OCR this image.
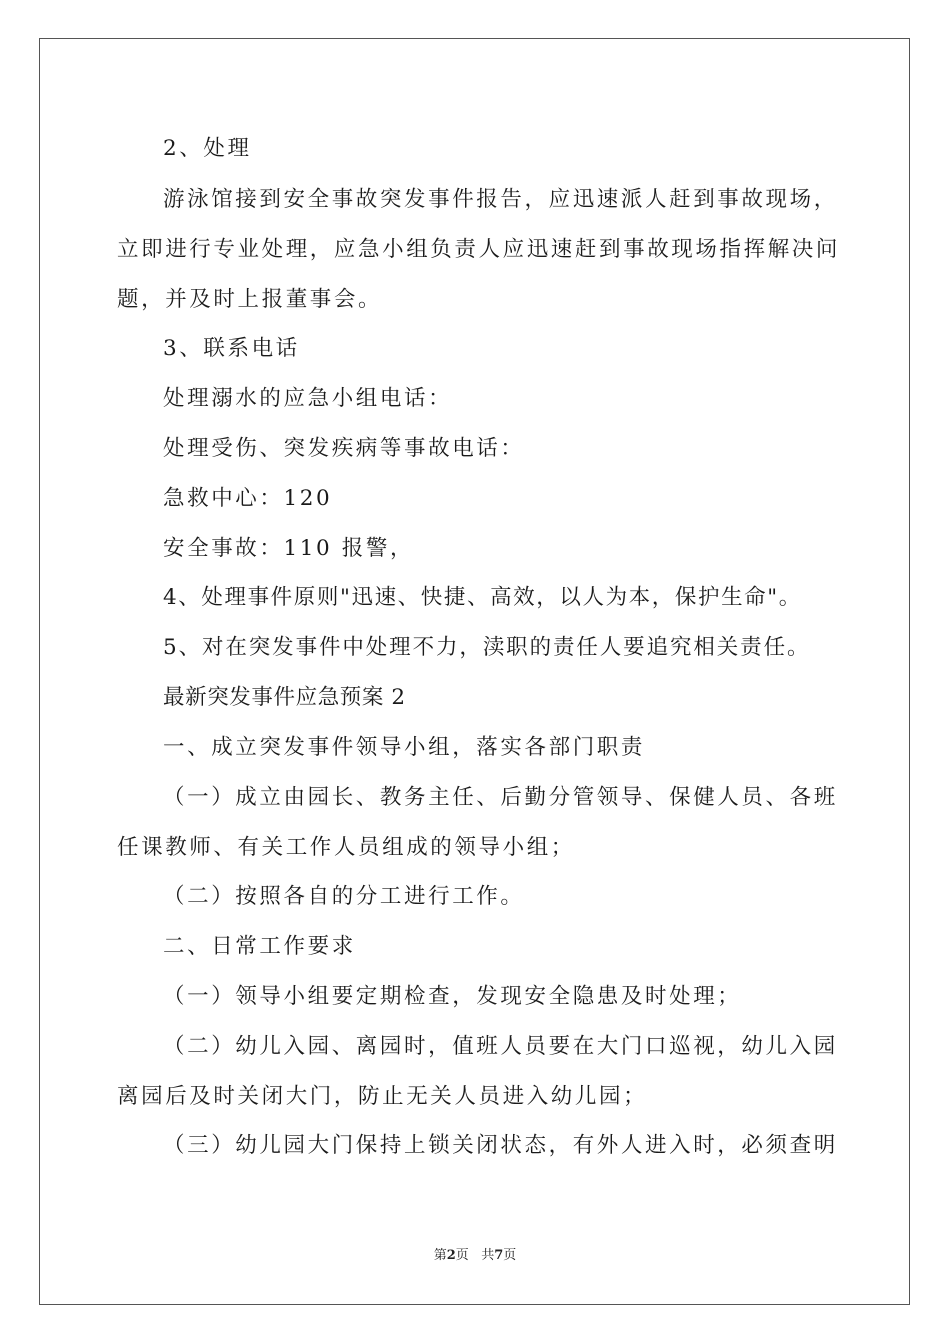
2、处理
游泳馆接到安全事故突发事件报告，应迅速派人赶到事故现场，
立即进行专业处理，应急小组负责人应迅速赶到事故现场指挥解决问
题，并及时上报董事会。
3、联系电话
处理溺水的应急小组电话：
处理受伤、突发疾病等事故电话：
急救中心：120
安全事故：110 报警，
4、处理事件原则"迅速、快捷、高效，以人为本，保护生命"。
5、对在突发事件中处理不力，渎职的责任人要追究相关责任。
最新突发事件应急预案 2
一、成立突发事件领导小组，落实各部门职责
（一）成立由园长、教务主任、后勤分管领导、保健人员、各班
任课教师、有关工作人员组成的领导小组；
（二）按照各自的分工进行工作。
二、日常工作要求
（一）领导小组要定期检查，发现安全隐患及时处理；
（二）幼儿入园、离园时，值班人员要在大门口巡视，幼儿入园
离园后及时关闭大门，防止无关人员进入幼儿园；
（三）幼儿园大门保持上锁关闭状态，有外人进入时，必须查明
第2页 共7页
